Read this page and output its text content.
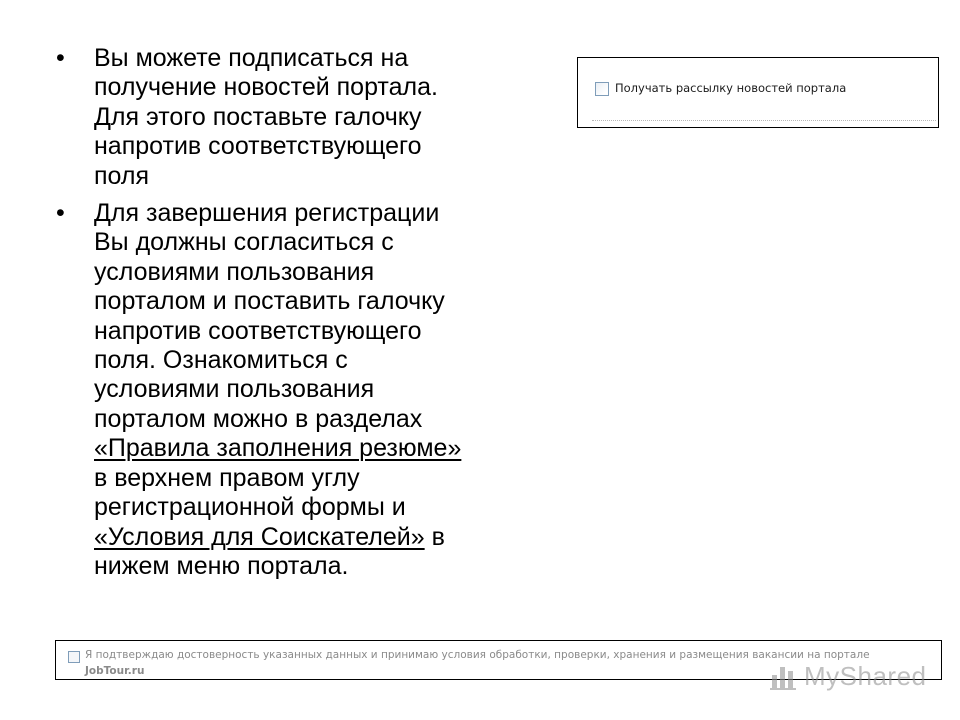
• Вы можете подписаться на
получение новостей портала.
Для этого поставьте галочку
напротив соответствующего
поля
• Для завершения регистрации
Вы должны согласиться с
условиями пользования
порталом и поставить галочку
напротив соответствующего
поля. Ознакомиться с
условиями пользования
порталом можно в разделах
«Правила заполнения резюме»
в верхнем правом углу
регистрационной формы и
«Условия для Соискателей» в
нижем меню портала.
Получать рассылку новостей портала
Я подтверждаю достоверность указанных данных и принимаю условия обработки, проверки, хранения и размещения вакансии на портале
JobTour.ru	MyShared
